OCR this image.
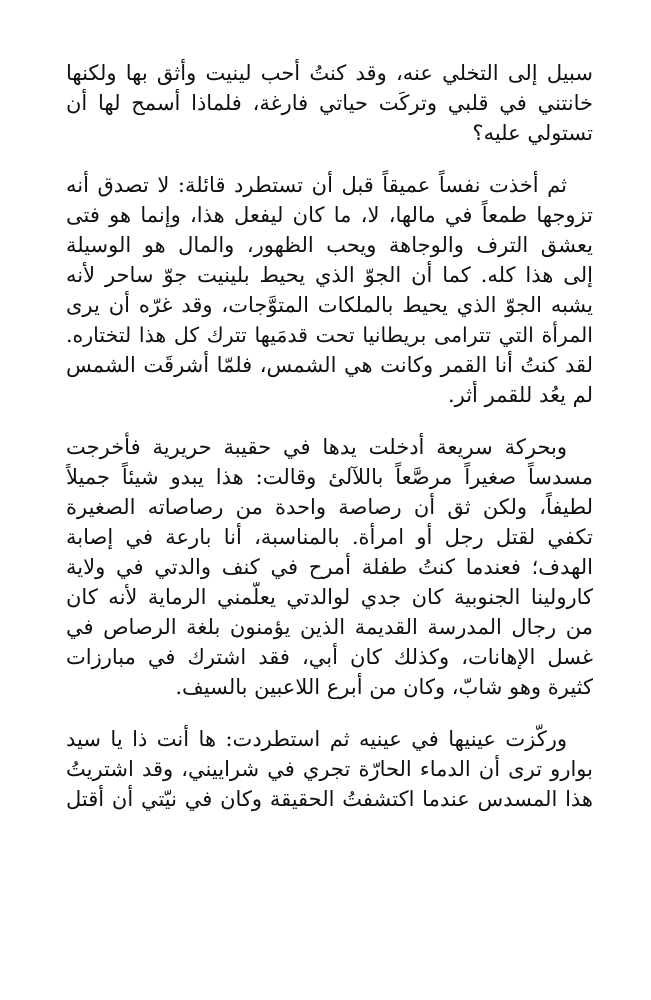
سبيل إلى التخلي عنه، وقد كنتُ أحب لينيت وأثق بها ولكنها
خانتني في قلبي وتركَت حياتي فارغة، فلماذا أسمح لها أن
تستولي عليه؟
ثم أخذت نفساً عميقاً قبل أن تستطرد قائلة: لا تصدق أنه
تزوجها طمعاً في مالها، لا، ما كان ليفعل هذا، وإنما هو فتى
يعشق الترف والوجاهة ويحب الظهور، والمال هو الوسيلة
إلى هذا كله. كما أن الجوّ الذي يحيط بلينيت جوّ ساحر لأنه
يشبه الجوّ الذي يحيط بالملكات المتوَّجات، وقد غرّه أن يرى
المرأة التي تترامى بريطانيا تحت قدمَيها تترك كل هذا لتختاره.
لقد كنتُ أنا القمر وكانت هي الشمس، فلمّا أشرقَت الشمس
لم يعُد للقمر أثر.
وبحركة سريعة أدخلت يدها في حقيبة حريرية فأخرجت
مسدساً صغيراً مرصَّعاً باللآلئ وقالت: هذا يبدو شيئاً جميلاً
لطيفاً، ولكن ثق أن رصاصة واحدة من رصاصاته الصغيرة
تكفي لقتل رجل أو امرأة. بالمناسبة، أنا بارعة في إصابة
الهدف؛ فعندما كنتُ طفلة أمرح في كنف والدتي في ولاية
كارولينا الجنوبية كان جدي لوالدتي يعلّمني الرماية لأنه كان
من رجال المدرسة القديمة الذين يؤمنون بلغة الرصاص في
غسل الإهانات، وكذلك كان أبي، فقد اشترك في مبارزات
كثيرة وهو شابّ، وكان من أبرع اللاعبين بالسيف.
وركّزت عينيها في عينيه ثم استطردت: ها أنت ذا يا سيد
بوارو ترى أن الدماء الحارّة تجري في شراييني، وقد اشتريتُ
هذا المسدس عندما اكتشفتُ الحقيقة وكان في نيّتي أن أقتل
